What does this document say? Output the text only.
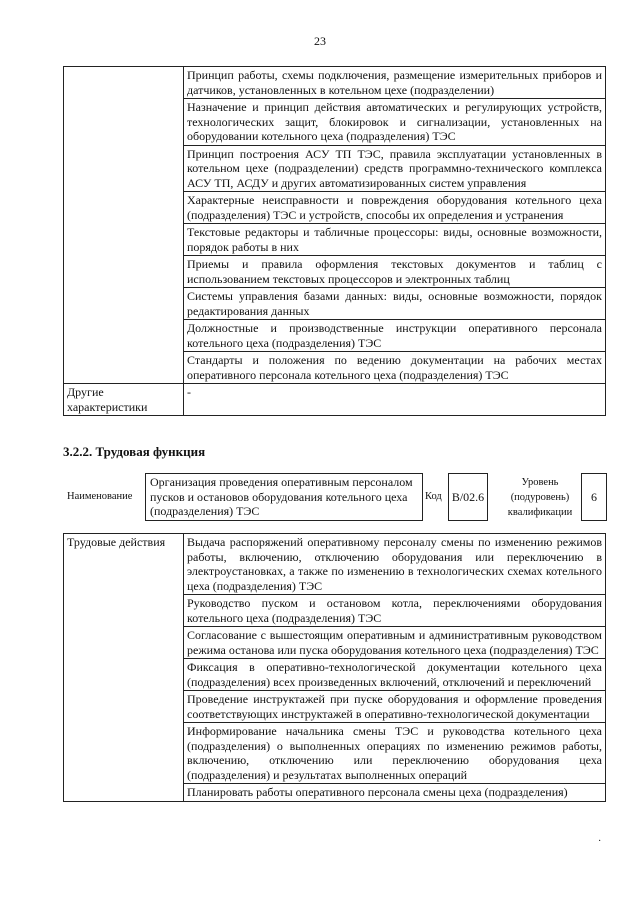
23
	Принцип работы, схемы подключения, размещение измерительных приборов и датчиков, установленных в котельном цехе (подразделении)
	Назначение и принцип действия автоматических и регулирующих устройств, технологических защит, блокировок и сигнализации, установленных на оборудовании котельного цеха (подразделения) ТЭС
	Принцип построения АСУ ТП ТЭС, правила эксплуатации установленных в котельном цехе (подразделении) средств программно-технического комплекса АСУ ТП, АСДУ и других автоматизированных систем управления
	Характерные неисправности и повреждения оборудования котельного цеха (подразделения) ТЭС и устройств, способы их определения и устранения
	Текстовые редакторы и табличные процессоры: виды, основные возможности, порядок работы в них
	Приемы и правила оформления текстовых документов и таблиц с использованием текстовых процессоров и электронных таблиц
	Системы управления базами данных: виды, основные возможности, порядок редактирования данных
	Должностные и производственные инструкции оперативного персонала котельного цеха (подразделения) ТЭС
	Стандарты и положения по ведению документации на рабочих местах оперативного персонала котельного цеха (подразделения) ТЭС
Другие характеристики	-
3.2.2. Трудовая функция
Наименование
Организация проведения оперативным персоналом пусков и остановов оборудования котельного цеха (подразделения) ТЭС
Код B/02.6
Уровень (подуровень) квалификации
6
Трудовые действия	Выдача распоряжений оперативному персоналу смены по изменению режимов работы, включению, отключению оборудования или переключению в электроустановках, а также по изменению в технологических схемах котельного цеха (подразделения) ТЭС
Руководство пуском и остановом котла, переключениями оборудования котельного цеха (подразделения) ТЭС
Согласование с вышестоящим оперативным и административным руководством режима останова или пуска оборудования котельного цеха (подразделения) ТЭС
Фиксация в оперативно-технологической документации котельного цеха (подразделения) всех произведенных включений, отключений и переключений
Проведение инструктажей при пуске оборудования и оформление проведения соответствующих инструктажей в оперативно-технологической документации
Информирование начальника смены ТЭС и руководства котельного цеха (подразделения) о выполненных операциях по изменению режимов работы, включению, отключению или переключению оборудования цеха (подразделения) и результатах выполненных операций
Планировать работы оперативного персонала смены цеха (подразделения)
·
